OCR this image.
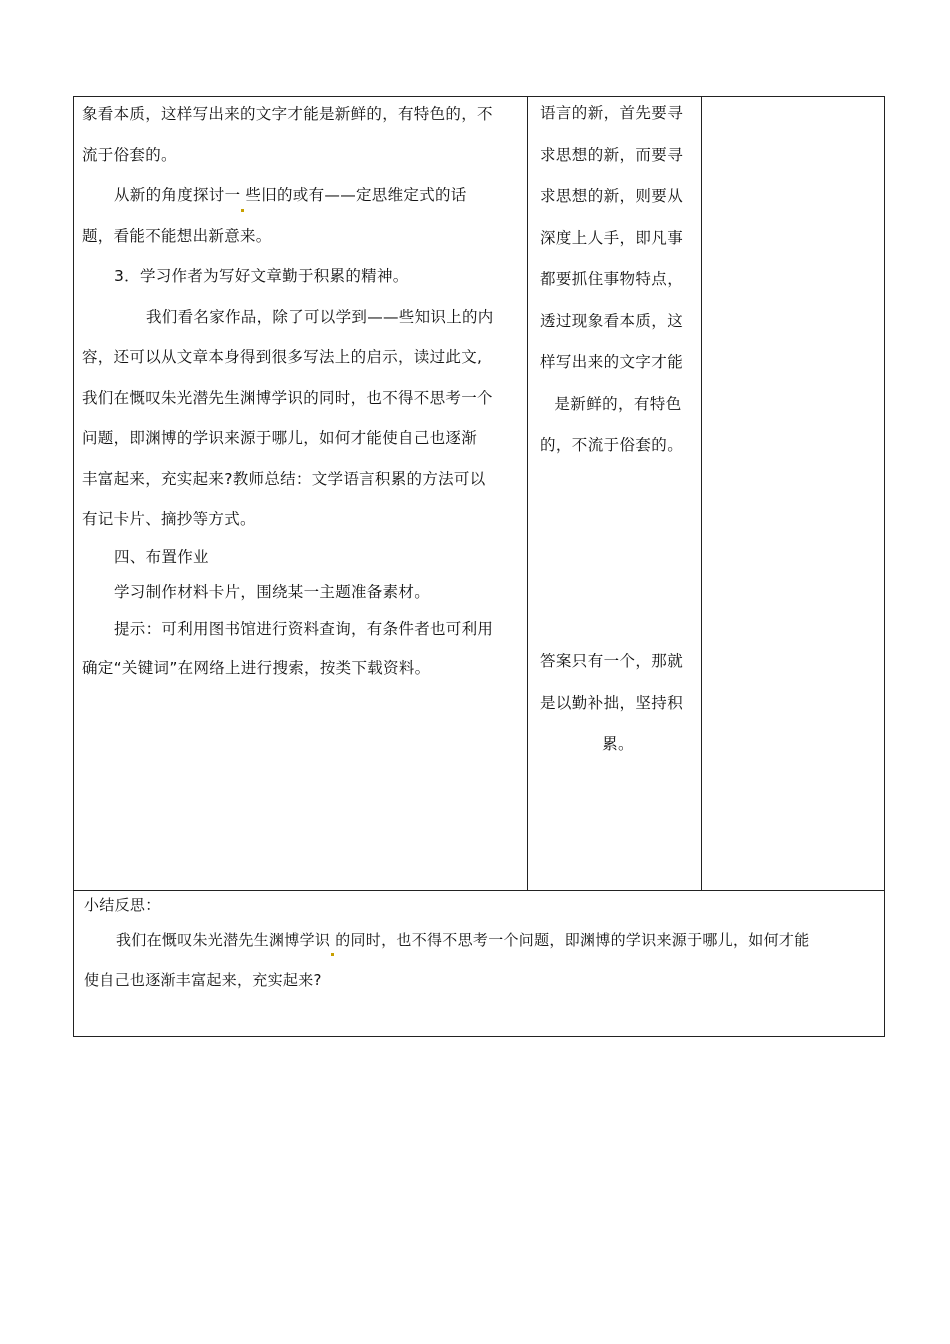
象看本质，这样写出来的文字才能是新鲜的，有特色的，不

流于俗套的。

从新的角度探讨一 些旧的或有——定思维定式的话

题，看能不能想出新意来。

3．学习作者为写好文章勤于积累的精神。

我们看名家作品，除了可以学到——些知识上的内

容，还可以从文章本身得到很多写法上的启示，读过此文,

我们在慨叹朱光潜先生渊博学识的同时，也不得不思考一个

问题，即渊博的学识来源于哪儿，如何才能使自己也逐渐

丰富起来，充实起来?教师总结：文学语言积累的方法可以

有记卡片、摘抄等方式。

四、布置作业

学习制作材料卡片，围绕某一主题准备素材。

提示：可利用图书馆进行资料查询，有条件者也可利用

确定“关键词”在网络上进行搜索，按类下载资料。

语言的新，首先要寻

求思想的新，而要寻

求思想的新，则要从

深度上人手，即凡事

都要抓住事物特点，

透过现象看本质，这

样写出来的文字才能

是新鲜的，有特色

的，不流于俗套的。

答案只有一个，那就

是以勤补拙，坚持积

累。

小结反思：

我们在慨叹朱光潜先生渊博学识 的同时，也不得不思考一个问题，即渊博的学识来源于哪儿，如何才能

使自己也逐渐丰富起来，充实起来?
